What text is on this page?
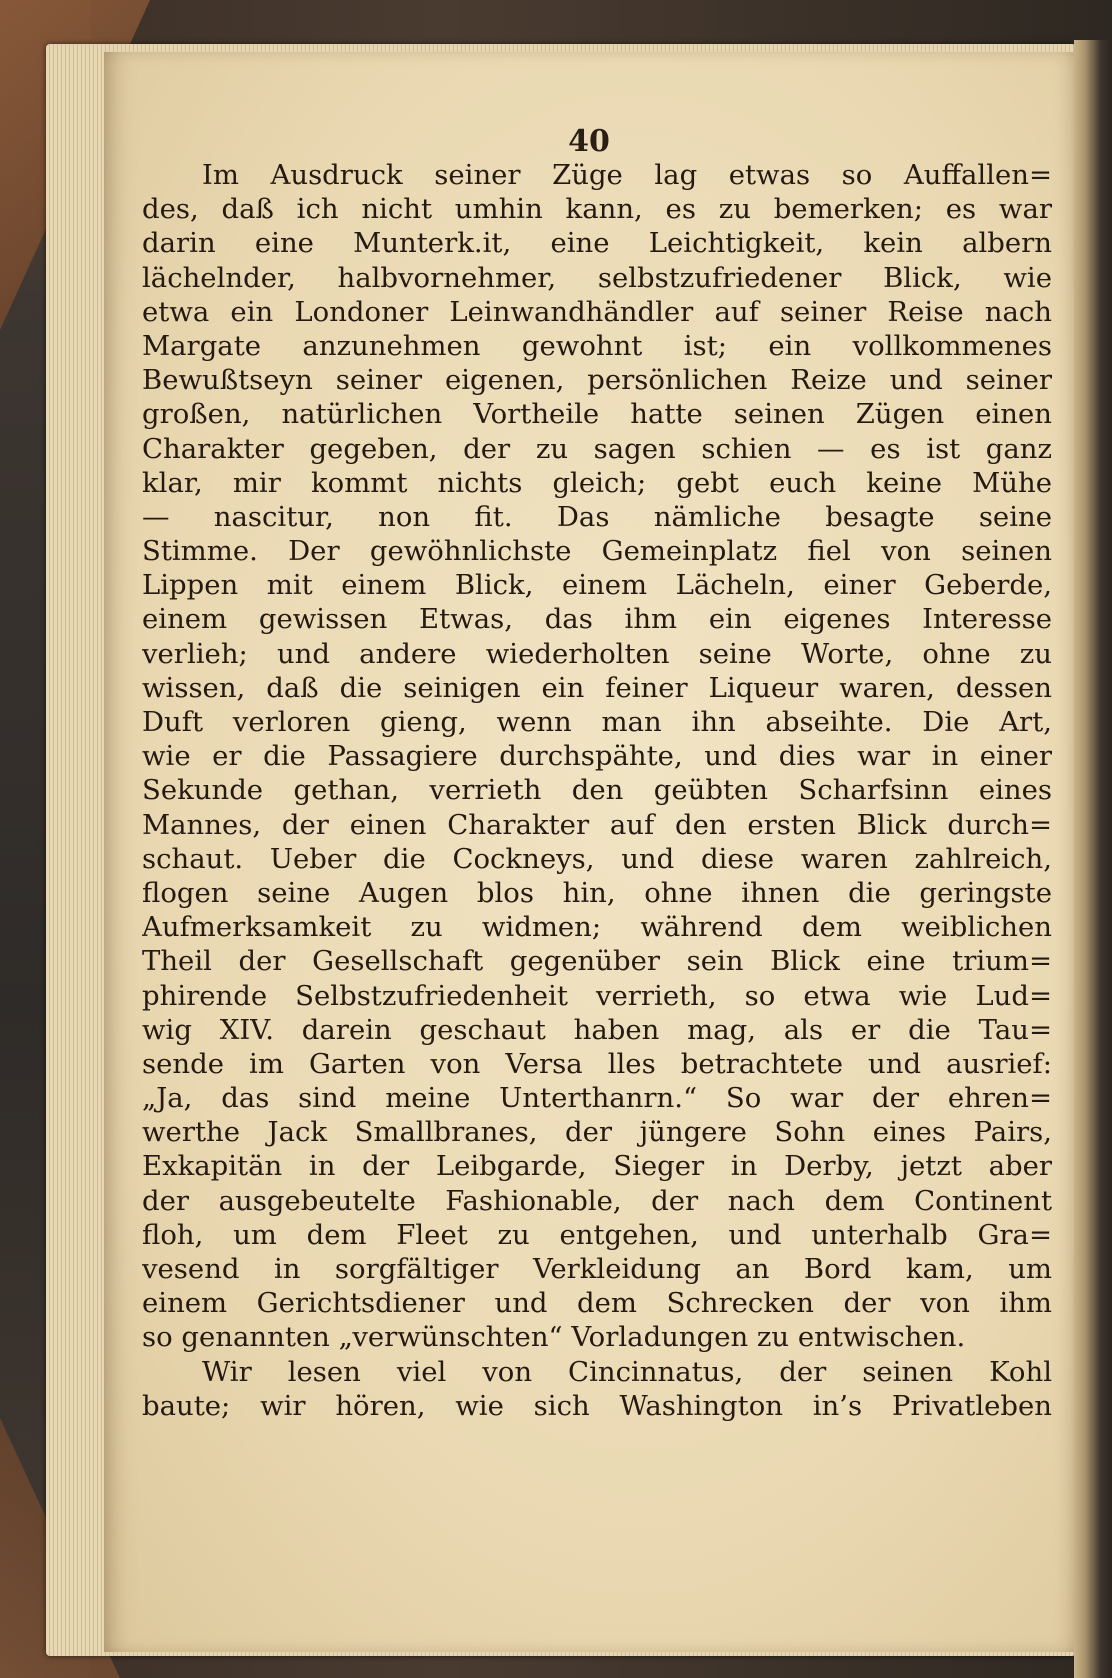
40

Im Ausdruck seiner Züge lag etwas so Auffallen=
des, daß ich nicht umhin kann, es zu bemerken; es war
darin eine Munterk.it, eine Leichtigkeit, kein albern
lächelnder, halbvornehmer, selbstzufriedener Blick, wie
etwa ein Londoner Leinwandhändler auf seiner Reise nach
Margate anzunehmen gewohnt ist; ein vollkommenes
Bewußtseyn seiner eigenen, persönlichen Reize und seiner
großen, natürlichen Vortheile hatte seinen Zügen einen
Charakter gegeben, der zu sagen schien — es ist ganz
klar, mir kommt nichts gleich; gebt euch keine Mühe
— nascitur, non fit. Das nämliche besagte seine
Stimme. Der gewöhnlichste Gemeinplatz fiel von seinen
Lippen mit einem Blick, einem Lächeln, einer Geberde,
einem gewissen Etwas, das ihm ein eigenes Interesse
verlieh; und andere wiederholten seine Worte, ohne zu
wissen, daß die seinigen ein feiner Liqueur waren, dessen
Duft verloren gieng, wenn man ihn abseihte. Die Art,
wie er die Passagiere durchspähte, und dies war in einer
Sekunde gethan, verrieth den geübten Scharfsinn eines
Mannes, der einen Charakter auf den ersten Blick durch=
schaut. Ueber die Cockneys, und diese waren zahlreich,
flogen seine Augen blos hin, ohne ihnen die geringste
Aufmerksamkeit zu widmen; während dem weiblichen
Theil der Gesellschaft gegenüber sein Blick eine trium=
phirende Selbstzufriedenheit verrieth, so etwa wie Lud=
wig XIV. darein geschaut haben mag, als er die Tau=
sende im Garten von Versa lles betrachtete und ausrief:
„Ja, das sind meine Unterthanrn.“ So war der ehren=
werthe Jack Smallbranes, der jüngere Sohn eines Pairs,
Exkapitän in der Leibgarde, Sieger in Derby, jetzt aber
der ausgebeutelte Fashionable, der nach dem Continent
floh, um dem Fleet zu entgehen, und unterhalb Gra=
vesend in sorgfältiger Verkleidung an Bord kam, um
einem Gerichtsdiener und dem Schrecken der von ihm
so genannten „verwünschten“ Vorladungen zu entwischen.
Wir lesen viel von Cincinnatus, der seinen Kohl
baute; wir hören, wie sich Washington in’s Privatleben
